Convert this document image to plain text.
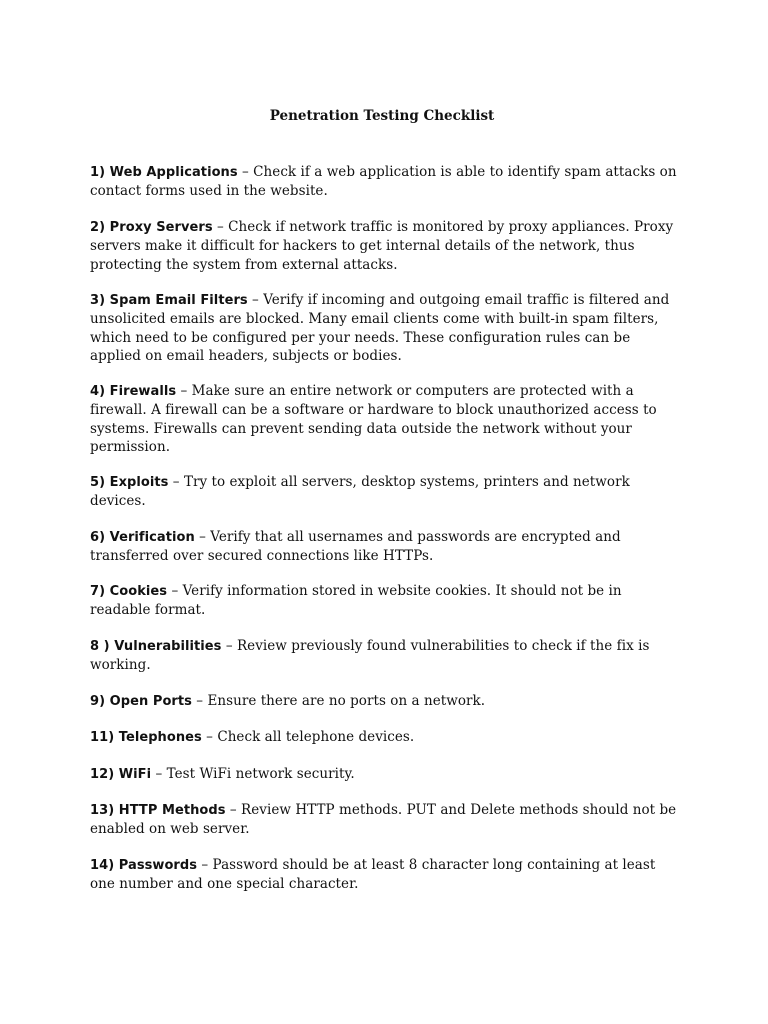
Penetration Testing Checklist
1) Web Applications – Check if a web application is able to identify spam attacks on contact forms used in the website.
2) Proxy Servers – Check if network traffic is monitored by proxy appliances. Proxy servers make it difficult for hackers to get internal details of the network, thus protecting the system from external attacks.
3) Spam Email Filters – Verify if incoming and outgoing email traffic is filtered and unsolicited emails are blocked. Many email clients come with built-in spam filters, which need to be configured per your needs. These configuration rules can be applied on email headers, subjects or bodies.
4) Firewalls – Make sure an entire network or computers are protected with a firewall. A firewall can be a software or hardware to block unauthorized access to systems. Firewalls can prevent sending data outside the network without your permission.
5) Exploits – Try to exploit all servers, desktop systems, printers and network devices.
6) Verification – Verify that all usernames and passwords are encrypted and transferred over secured connections like HTTPs.
7) Cookies – Verify information stored in website cookies. It should not be in readable format.
8 ) Vulnerabilities – Review previously found vulnerabilities to check if the fix is working.
9) Open Ports – Ensure there are no ports on a network.
11) Telephones – Check all telephone devices.
12) WiFi – Test WiFi network security.
13) HTTP Methods – Review HTTP methods. PUT and Delete methods should not be enabled on web server.
14) Passwords – Password should be at least 8 character long containing at least one number and one special character.
